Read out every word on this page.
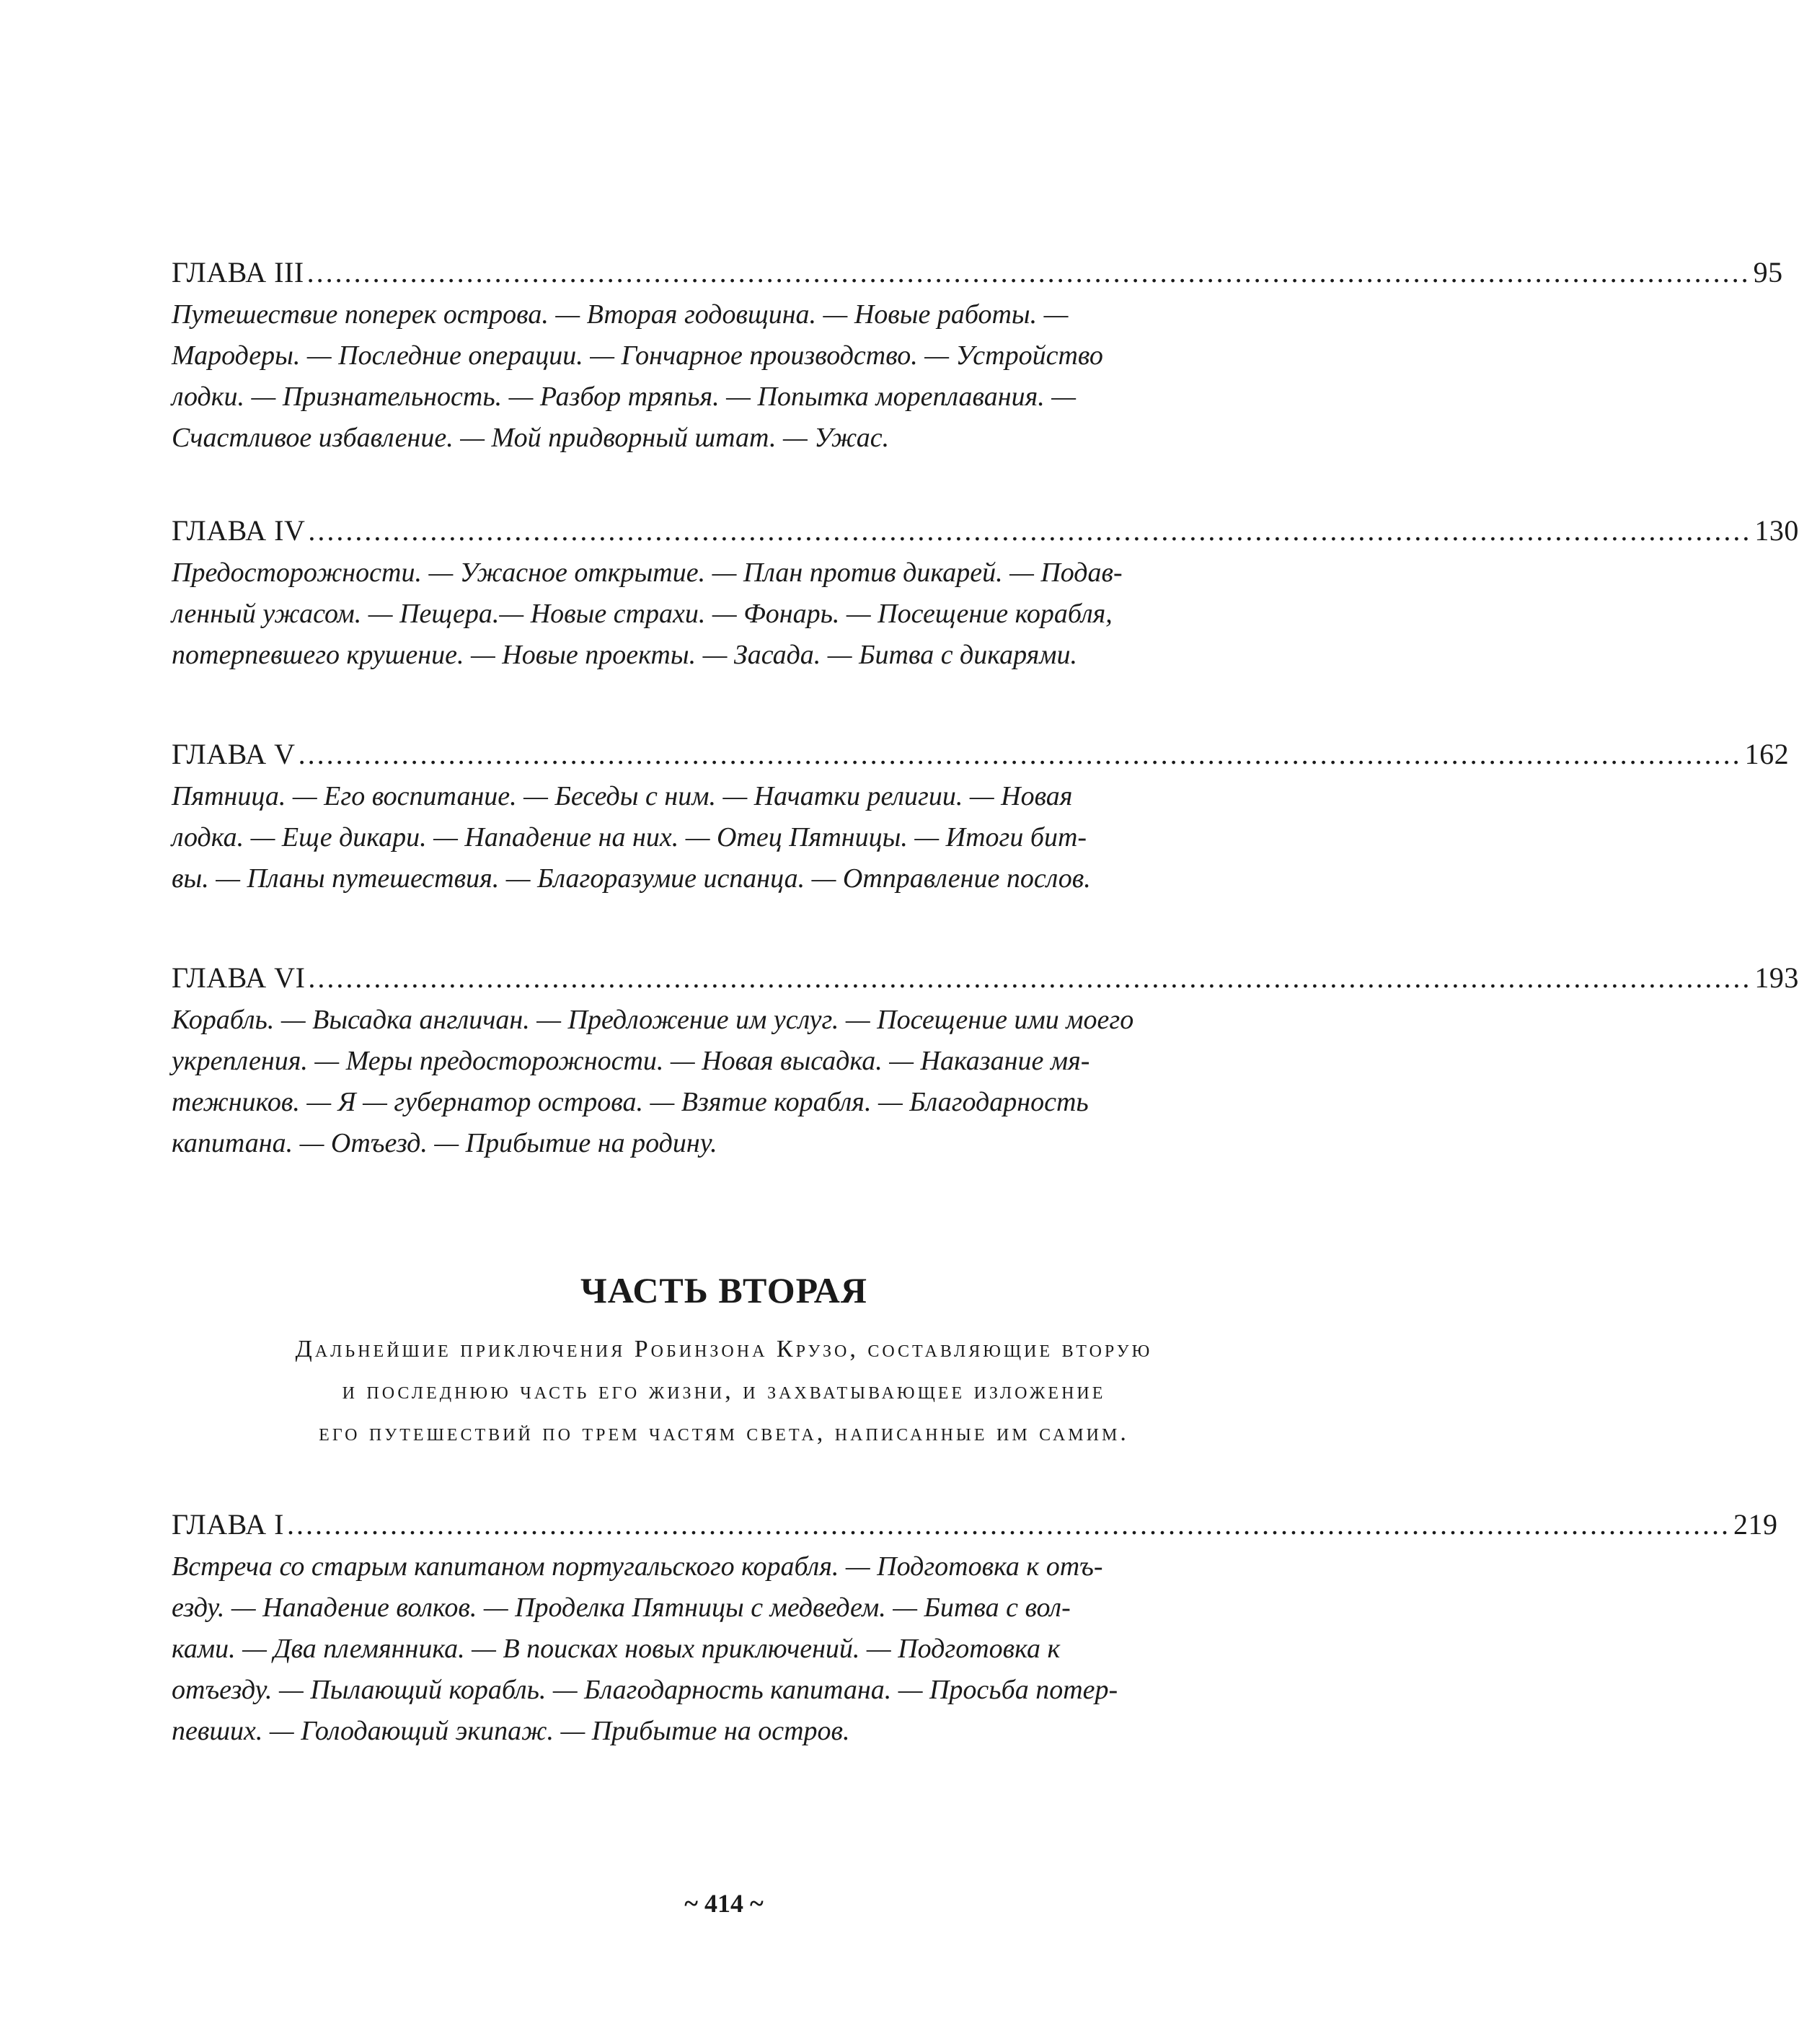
ГЛАВА III .......................................................................................................................................................... 95
Путешествие поперек острова. — Вторая годовщина. — Новые работы. —
Мародеры. — Последние операции. — Гончарное производство. — Устройство
лодки. — Признательность. — Разбор тряпья. — Попытка мореплавания. —
Счастливое избавление. — Мой придворный штат. — Ужас.
ГЛАВА IV .......................................................................................................................................................... 130
Предосторожности. — Ужасное открытие. — План против дикарей. — Подав-
ленный ужасом. — Пещера.— Новые страхи. — Фонарь. — Посещение корабля,
потерпевшего крушение. — Новые проекты. — Засада. — Битва с дикарями.
ГЛАВА V .......................................................................................................................................................... 162
Пятница. — Его воспитание. — Беседы с ним. — Начатки религии. — Новая
лодка. — Еще дикари. — Нападение на них. — Отец Пятницы. — Итоги бит-
вы. — Планы путешествия. — Благоразумие испанца. — Отправление послов.
ГЛАВА VI .......................................................................................................................................................... 193
Корабль. — Высадка англичан. — Предложение им услуг. — Посещение ими моего
укрепления. — Меры предосторожности. — Новая высадка. — Наказание мя-
тежников. — Я — губернатор острова. — Взятие корабля. — Благодарность
капитана. — Отъезд. — Прибытие на родину.
ЧАСТЬ ВТОРАЯ
Дальнейшие приключения Робинзона Крузо, составляющие вторую
и последнюю часть его жизни, и захватывающее изложение
его путешествий по трем частям света, написанные им самим.
ГЛАВА I .......................................................................................................................................................... 219
Встреча со старым капитаном португальского корабля. — Подготовка к отъ-
езду. — Нападение волков. — Проделка Пятницы с медведем. — Битва с вол-
ками. — Два племянника. — В поисках новых приключений. — Подготовка к
отъезду. — Пылающий корабль. — Благодарность капитана. — Просьба потер-
певших. — Голодающий экипаж. — Прибытие на остров.
~ 414 ~
